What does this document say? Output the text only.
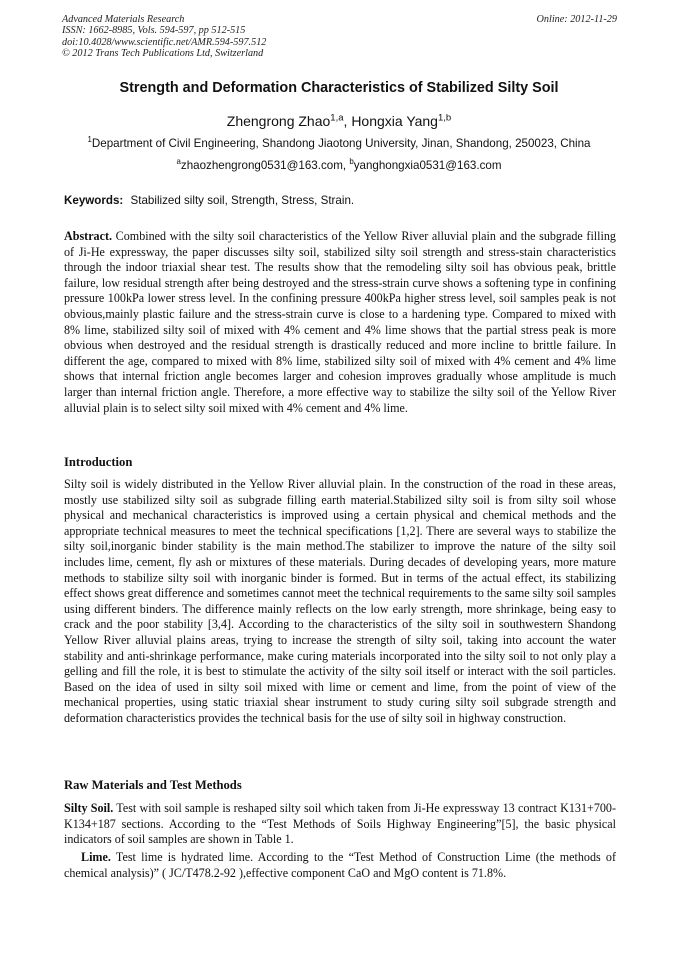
Advanced Materials Research
ISSN: 1662-8985, Vols. 594-597, pp 512-515
doi:10.4028/www.scientific.net/AMR.594-597.512
© 2012 Trans Tech Publications Ltd, Switzerland
Online: 2012-11-29
Strength and Deformation Characteristics of Stabilized Silty Soil
Zhengrong Zhao$^{1,a}$, Hongxia Yang$^{1,b}$
$^1$Department of Civil Engineering, Shandong Jiaotong University, Jinan, Shandong, 250023, China
$^a$zhaozhengrong0531@163.com, $^b$yanghongxia0531@163.com
Keywords: Stabilized silty soil, Strength, Stress, Strain.

Abstract. Combined with the silty soil characteristics of the Yellow River alluvial plain and the subgrade filling of Ji-He expressway, the paper discusses silty soil, stabilized silty soil strength and stress-stain characteristics through the indoor triaxial shear test. The results show that the remodeling silty soil has obvious peak, brittle failure, low residual strength after being destroyed and the stress-strain curve shows a softening type in confining pressure 100kPa lower stress level. In the confining pressure 400kPa higher stress level, soil samples peak is not obvious,mainly plastic failure and the stress-strain curve is close to a hardening type. Compared to mixed with 8% lime, stabilized silty soil of mixed with 4% cement and 4% lime shows that the partial stress peak is more obvious when destroyed and the residual strength is drastically reduced and more incline to brittle failure. In different the age, compared to mixed with 8% lime, stabilized silty soil of mixed with 4% cement and 4% lime shows that internal friction angle becomes larger and cohesion improves gradually whose amplitude is much larger than internal friction angle. Therefore, a more effective way to stabilize the silty soil of the Yellow River alluvial plain is to select silty soil mixed with 4% cement and 4% lime.

Introduction

Silty soil is widely distributed in the Yellow River alluvial plain. In the construction of the road in these areas, mostly use stabilized silty soil as subgrade filling earth material.Stabilized silty soil is from silty soil whose physical and mechanical characteristics is improved using a certain physical and chemical methods and the appropriate technical measures to meet the technical specifications [1,2]. There are several ways to stabilize the silty soil,inorganic binder stability is the main method.The stabilizer to improve the nature of the silty soil includes lime, cement, fly ash or mixtures of these materials. During decades of developing years, more mature methods to stabilize silty soil with inorganic binder is formed. But in terms of the actual effect, its stabilizing effect shows great difference and sometimes cannot meet the technical requirements to the same silty soil samples using different binders. The difference mainly reflects on the low early strength, more shrinkage, being easy to crack and the poor stability [3,4]. According to the characteristics of the silty soil in southwestern Shandong Yellow River alluvial plains areas, trying to increase the strength of silty soil, taking into account the water stability and anti-shrinkage performance, make curing materials incorporated into the silty soil to not only play a gelling and fill the role, it is best to stimulate the activity of the silty soil itself or interact with the soil particles. Based on the idea of used in silty soil mixed with lime or cement and lime, from the point of view of the mechanical properties, using static triaxial shear instrument to study curing silty soil subgrade strength and deformation characteristics provides the technical basis for the use of silty soil in highway construction.

Raw Materials and Test Methods

Silty Soil. Test with soil sample is reshaped silty soil which taken from Ji-He expressway 13 contract K131+700-K134+187 sections. According to the “Test Methods of Soils Highway Engineering”[5], the basic physical indicators of soil samples are shown in Table 1.

Lime. Test lime is hydrated lime. According to the “Test Method of Construction Lime (the methods of chemical analysis)” ( JC/T478.2-92 ),effective component CaO and MgO content is 71.8%.
